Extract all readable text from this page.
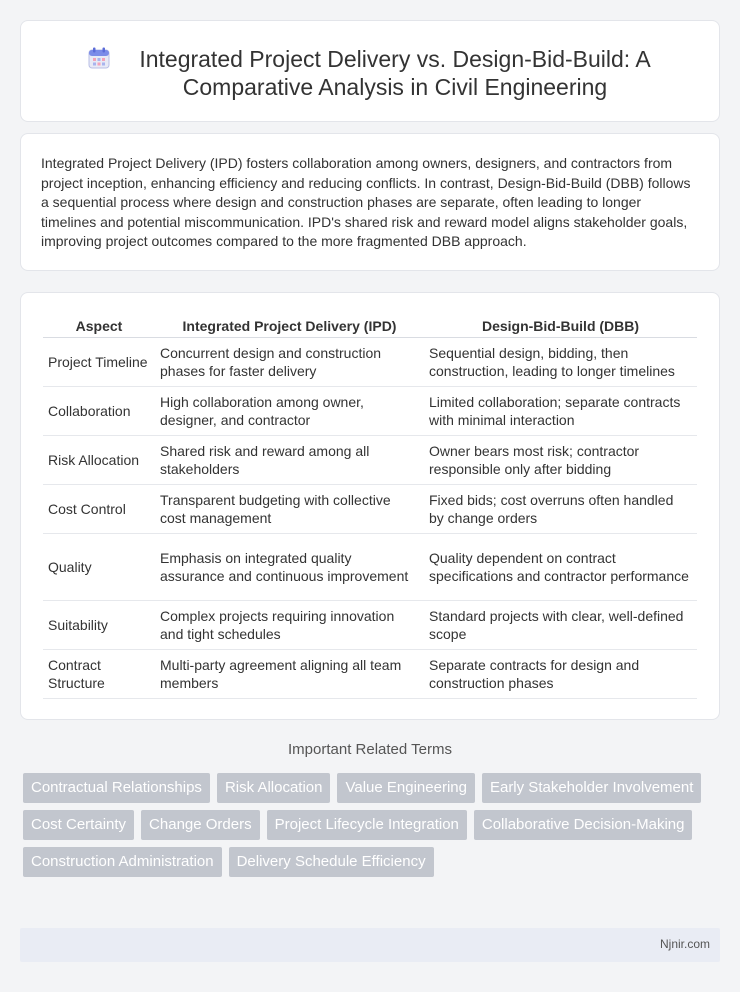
Integrated Project Delivery vs. Design-Bid-Build: A
Comparative Analysis in Civil Engineering

Integrated Project Delivery (IPD) fosters collaboration among owners, designers, and contractors from project inception, enhancing efficiency and reducing conflicts. In contrast, Design-Bid-Build (DBB) follows a sequential process where design and construction phases are separate, often leading to longer timelines and potential miscommunication. IPD's shared risk and reward model aligns stakeholder goals, improving project outcomes compared to the more fragmented DBB approach.

Aspect	Integrated Project Delivery (IPD)	Design-Bid-Build (DBB)
Project Timeline	Concurrent design and construction phases for faster delivery	Sequential design, bidding, then construction, leading to longer timelines
Collaboration	High collaboration among owner, designer, and contractor	Limited collaboration; separate contracts with minimal interaction
Risk Allocation	Shared risk and reward among all stakeholders	Owner bears most risk; contractor responsible only after bidding
Cost Control	Transparent budgeting with collective cost management	Fixed bids; cost overruns often handled by change orders
Quality	Emphasis on integrated quality assurance and continuous improvement	Quality dependent on contract specifications and contractor performance
Suitability	Complex projects requiring innovation and tight schedules	Standard projects with clear, well-defined scope
Contract Structure	Multi-party agreement aligning all team members	Separate contracts for design and construction phases
Important Related Terms
Contractual Relationships	Risk Allocation	Value Engineering	Early Stakeholder Involvement
Cost Certainty	Change Orders	Project Lifecycle Integration	Collaborative Decision-Making
Construction Administration	Delivery Schedule Efficiency
Njnir.com
